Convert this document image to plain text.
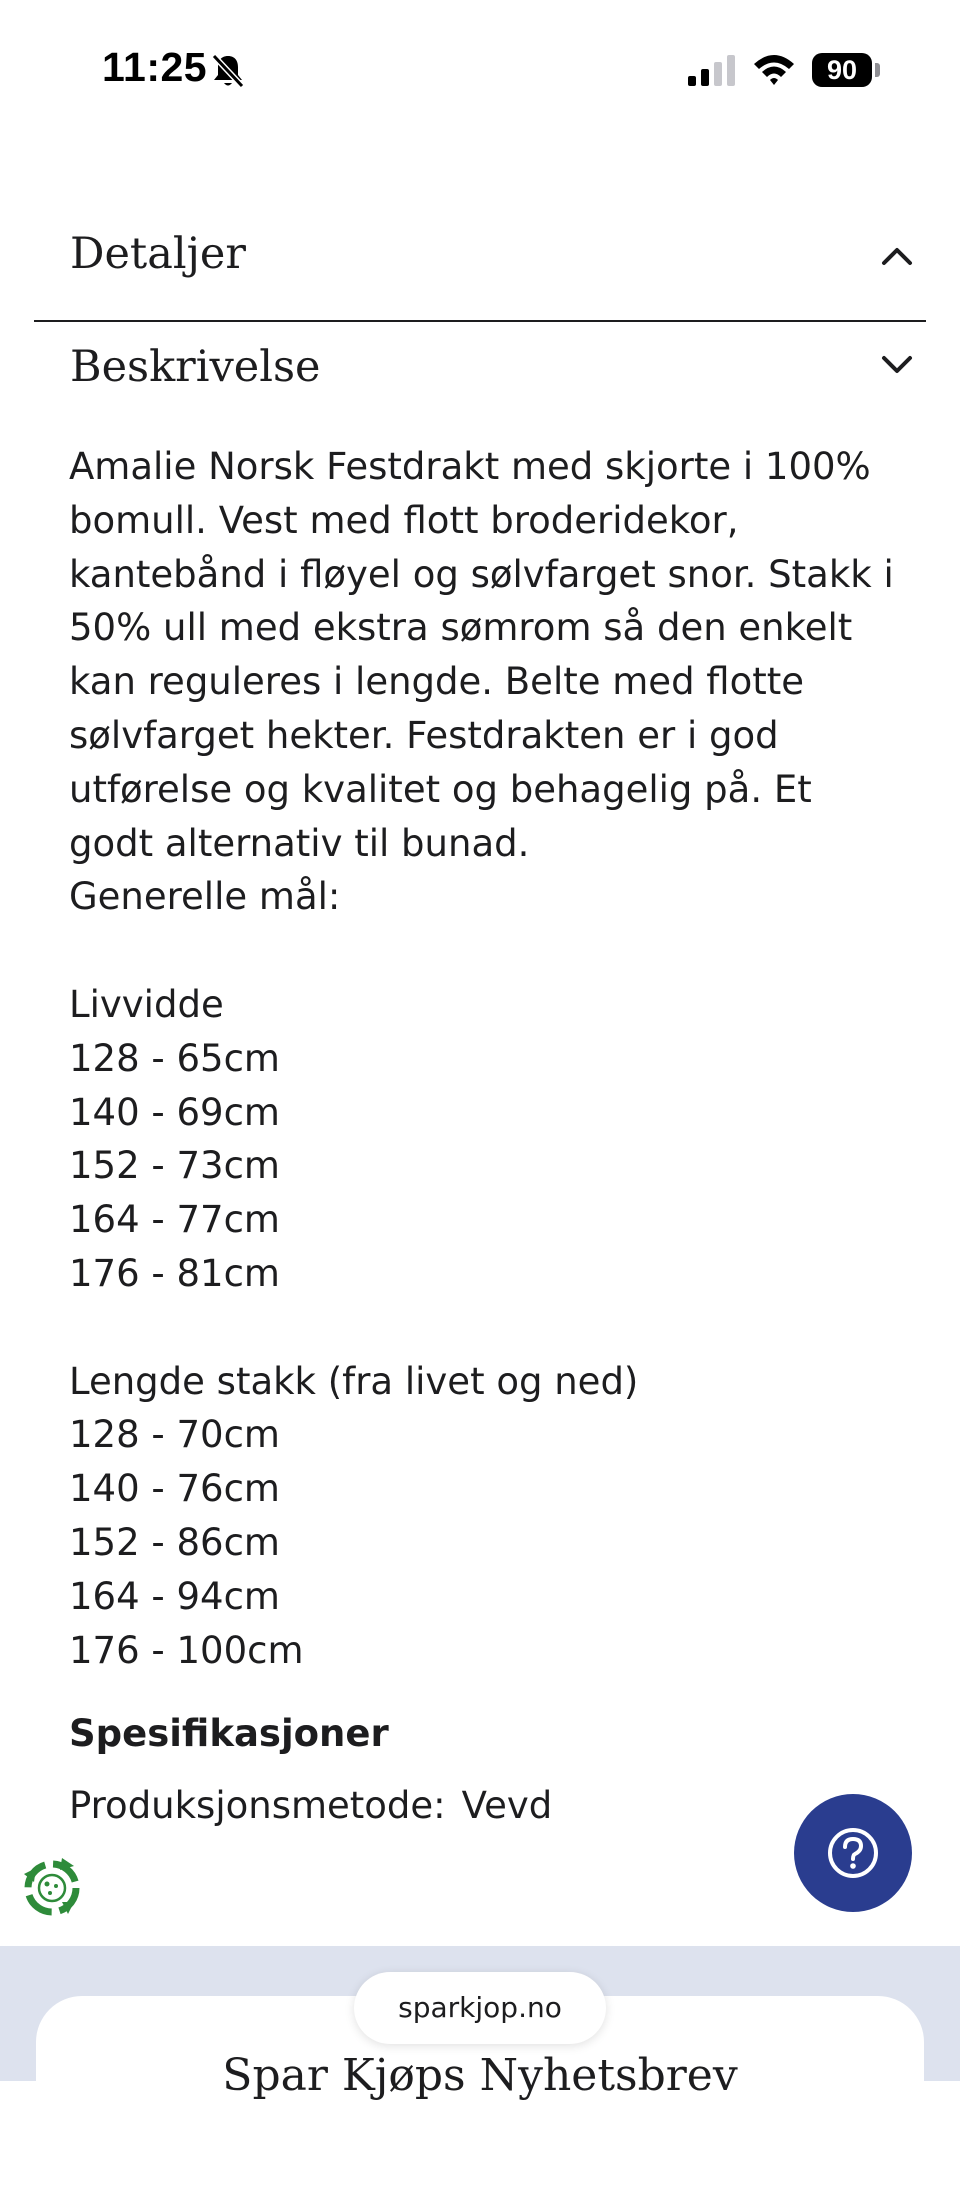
11:25	90
Detaljer
Beskrivelse

Amalie Norsk Festdrakt med skjorte i 100% bomull. Vest med flott broderidekor, kantebånd i fløyel og sølvfarget snor. Stakk i 50% ull med ekstra sømrom så den enkelt kan reguleres i lengde. Belte med flotte sølvfarget hekter. Festdrakten er i god utførelse og kvalitet og behagelig på. Et godt alternativ til bunad.

Generelle mål:

Livvidde

128 - 65cm

140 - 69cm

152 - 73cm

164 - 77cm

176 - 81cm

Lengde stakk (fra livet og ned)

128 - 70cm

140 - 76cm

152 - 86cm

164 - 94cm

176 - 100cm

Spesifikasjoner
Produksjonsmetode: Vevd
Spar Kjøps Nyhetsbrev
sparkjop.no
